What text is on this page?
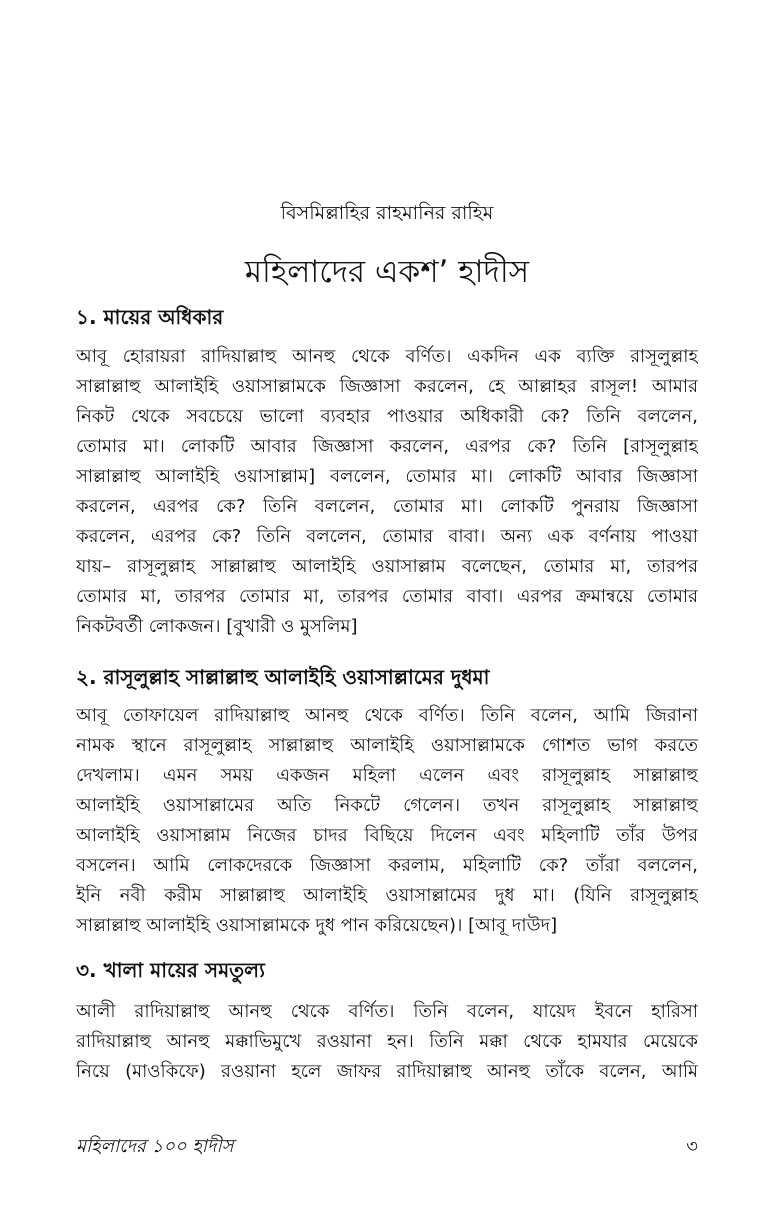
বিসমিল্লাহির রাহমানির রাহিম
মহিলাদের একশ’ হাদীস
১. মায়ের অধিকার
আবূ হোরায়রা রাদিয়াল্লাহু আনহু থেকে বর্ণিত। একদিন এক ব্যক্তি রাসূলুল্লাহ
সাল্লাল্লাহু আলাইহি ওয়াসাল্লামকে জিজ্ঞাসা করলেন, হে আল্লাহর রাসূল! আমার
নিকট থেকে সবচেয়ে ভালো ব্যবহার পাওয়ার অধিকারী কে? তিনি বললেন,
তোমার মা। লোকটি আবার জিজ্ঞাসা করলেন, এরপর কে? তিনি [রাসূলুল্লাহ
সাল্লাল্লাহু আলাইহি ওয়াসাল্লাম] বললেন, তোমার মা। লোকটি আবার জিজ্ঞাসা
করলেন, এরপর কে? তিনি বললেন, তোমার মা। লোকটি পুনরায় জিজ্ঞাসা
করলেন, এরপর কে? তিনি বললেন, তোমার বাবা। অন্য এক বর্ণনায় পাওয়া
যায়– রাসূলুল্লাহ সাল্লাল্লাহু আলাইহি ওয়াসাল্লাম বলেছেন, তোমার মা, তারপর
তোমার মা, তারপর তোমার মা, তারপর তোমার বাবা। এরপর ক্রমান্বয়ে তোমার
নিকটবর্তী লোকজন। [বুখারী ও মুসলিম]
২. রাসূলুল্লাহ সাল্লাল্লাহু আলাইহি ওয়াসাল্লামের দুধমা
আবূ তোফায়েল রাদিয়াল্লাহু আনহু থেকে বর্ণিত। তিনি বলেন, আমি জিরানা
নামক স্থানে রাসূলুল্লাহ সাল্লাল্লাহু আলাইহি ওয়াসাল্লামকে গোশত ভাগ করতে
দেখলাম। এমন সময় একজন মহিলা এলেন এবং রাসূলুল্লাহ সাল্লাল্লাহু
আলাইহি ওয়াসাল্লামের অতি নিকটে গেলেন। তখন রাসূলুল্লাহ সাল্লাল্লাহু
আলাইহি ওয়াসাল্লাম নিজের চাদর বিছিয়ে দিলেন এবং মহিলাটি তাঁর উপর
বসলেন। আমি লোকদেরকে জিজ্ঞাসা করলাম, মহিলাটি কে? তাঁরা বললেন,
ইনি নবী করীম সাল্লাল্লাহু আলাইহি ওয়াসাল্লামের দুধ মা। (যিনি রাসূলুল্লাহ
সাল্লাল্লাহু আলাইহি ওয়াসাল্লামকে দুধ পান করিয়েছেন)। [আবূ দাউদ]
৩. খালা মায়ের সমতুল্য
আলী রাদিয়াল্লাহু আনহু থেকে বর্ণিত। তিনি বলেন, যায়েদ ইবনে হারিসা
রাদিয়াল্লাহু আনহু মক্কাভিমুখে রওয়ানা হন। তিনি মক্কা থেকে হামযার মেয়েকে
নিয়ে (মাওকিফে) রওয়ানা হলে জাফর রাদিয়াল্লাহু আনহু তাঁকে বলেন, আমি
মহিলাদের ১০০ হাদীস	৩
